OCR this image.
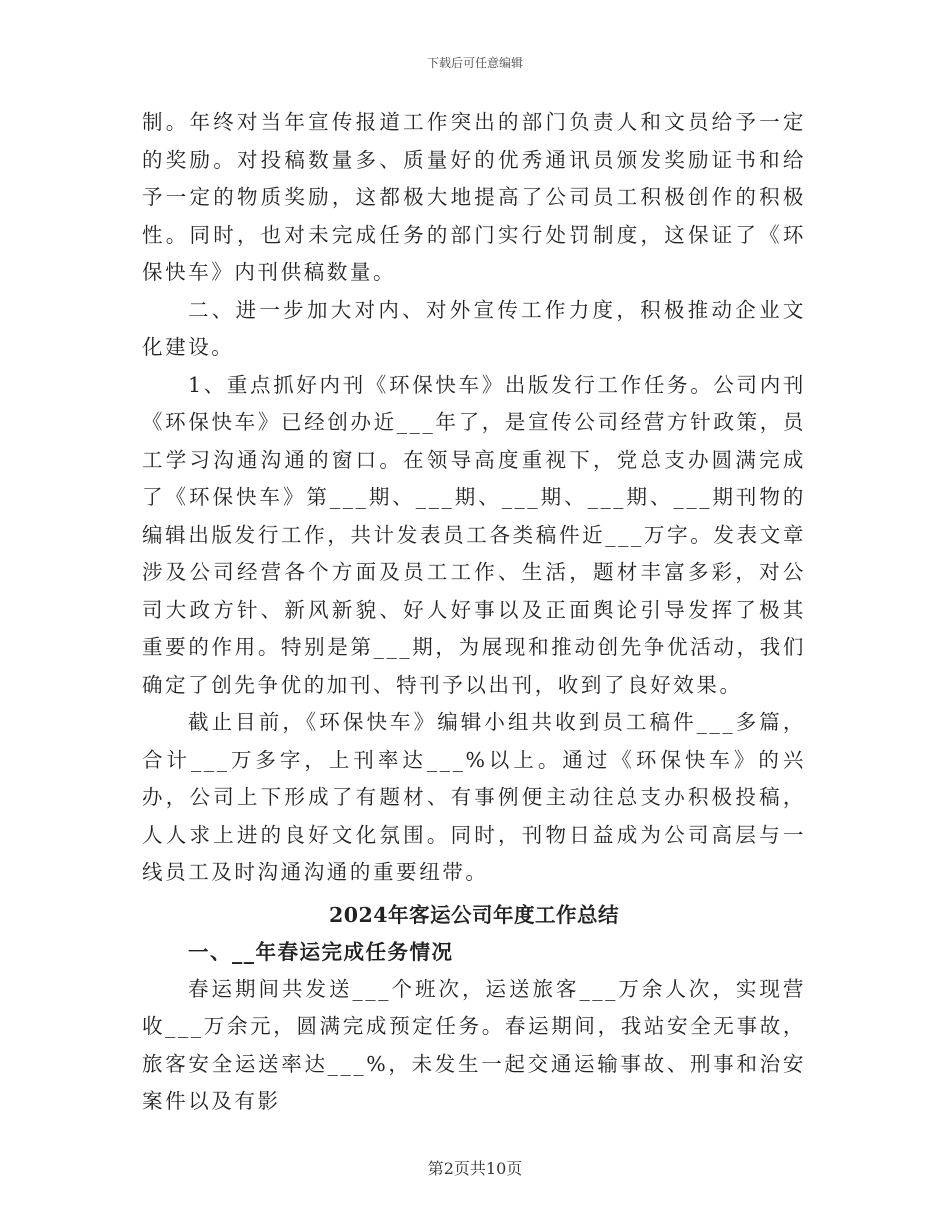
下载后可任意编辑

制。年终对当年宣传报道工作突出的部门负责人和文员给予一定的奖励。对投稿数量多、质量好的优秀通讯员颁发奖励证书和给予一定的物质奖励，这都极大地提高了公司员工积极创作的积极性。同时，也对未完成任务的部门实行处罚制度，这保证了《环保快车》内刊供稿数量。

二、进一步加大对内、对外宣传工作力度，积极推动企业文化建设。

1、重点抓好内刊《环保快车》出版发行工作任务。公司内刊《环保快车》已经创办近___年了，是宣传公司经营方针政策，员工学习沟通沟通的窗口。在领导高度重视下，党总支办圆满完成了《环保快车》第___期、___期、___期、___期、___期刊物的编辑出版发行工作，共计发表员工各类稿件近___万字。发表文章涉及公司经营各个方面及员工工作、生活，题材丰富多彩，对公司大政方针、新风新貌、好人好事以及正面舆论引导发挥了极其重要的作用。特别是第___期，为展现和推动创先争优活动，我们确定了创先争优的加刊、特刊予以出刊，收到了良好效果。

截止目前，《环保快车》编辑小组共收到员工稿件___多篇，合计___万多字，上刊率达___%以上。通过《环保快车》的兴办，公司上下形成了有题材、有事例便主动往总支办积极投稿，人人求上进的良好文化氛围。同时，刊物日益成为公司高层与一线员工及时沟通沟通的重要纽带。

2024年客运公司年度工作总结

一、__年春运完成任务情况

春运期间共发送___个班次，运送旅客___万余人次，实现营收___万余元，圆满完成预定任务。春运期间，我站安全无事故，旅客安全运送率达___%，未发生一起交通运输事故、刑事和治安案件以及有影

第2页共10页
